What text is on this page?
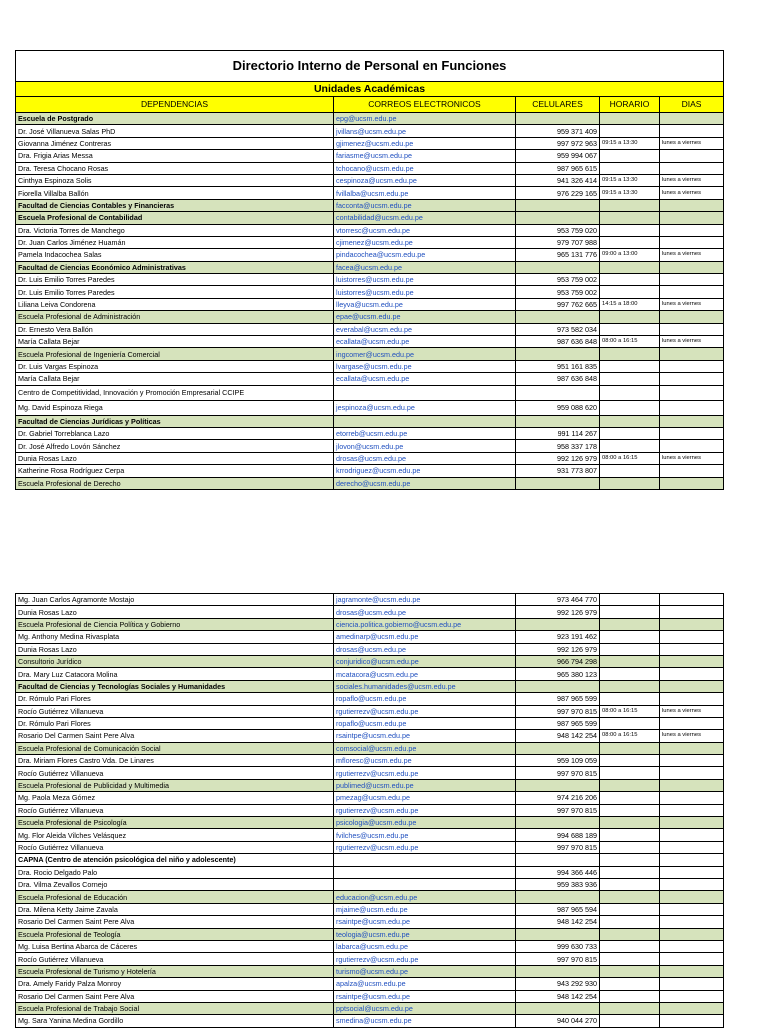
Directorio Interno de Personal en Funciones				
Unidades Académicas				
DEPENDENCIAS	CORREOS ELECTRONICOS	CELULARES	HORARIO	DIAS
Escuela de Postgrado	epg@ucsm.edu.pe			
Dr. José Villanueva Salas PhD	jvillans@ucsm.edu.pe	959 371 409		
Giovanna Jiménez Contreras	gjimenez@ucsm.edu.pe	997 972 963	09:15 a 13:30	lunes a viernes
Dra. Frigia Arias Messa	fariasme@ucsm.edu.pe	959 994 067		
Dra. Teresa Chocano Rosas	tchocano@ucsm.edu.pe	987 965 615		
Cinthya Espinoza Solis	cespinoza@ucsm.edu.pe	941 326 414	09:15 a 13:30	lunes a viernes
Fiorella Villalba Ballón	fvillalba@ucsm.edu.pe	976 229 165	09:15 a 13:30	lunes a viernes
Facultad de Ciencias Contables y Financieras	facconta@ucsm.edu.pe			
Escuela Profesional de Contabilidad	contabilidad@ucsm.edu.pe			
Dra. Victoria Torres de Manchego	vtorresc@ucsm.edu.pe	953 759 020		
Dr. Juan Carlos Jiménez Huamán	cjimenez@ucsm.edu.pe	979 707 988		
Pamela Indacochea Salas	pindacochea@ucsm.edu.pe	965 131 776	09:00 a 13:00	lunes a viernes
Facultad de Ciencias Económico Administrativas	facea@ucsm.edu.pe			
Dr. Luis Emilio Torres Paredes	luistorres@ucsm.edu.pe	953 759 002		
Dr. Luis Emilio Torres Paredes	luistorres@ucsm.edu.pe	953 759 002		
Liliana Leiva Condorena	lleyva@ucsm.edu.pe	997 762 665	14:15 a 18:00	lunes a viernes
Escuela Profesional de Administración	epae@ucsm.edu.pe			
Dr. Ernesto Vera Ballón	everabal@ucsm.edu.pe	973 582 034		
María Callata Bejar	ecallata@ucsm.edu.pe	987 636 848	08:00 a 16:15	lunes a viernes
Escuela Profesional de Ingeniería Comercial	ingcomer@ucsm.edu.pe			
Dr. Luis Vargas Espinoza	lvargase@ucsm.edu.pe	951 161 835		
María Callata Bejar	ecallata@ucsm.edu.pe	987 636 848		
Centro de Competitividad, Innovación y Promoción Empresarial CCIPE				
Mg. David Espinoza Riega	jespinoza@ucsm.edu.pe	959 088 620		
Facultad de Ciencias Jurídicas y Políticas				
Dr. Gabriel Torreblanca Lazo	etorreb@ucsm.edu.pe	991 114 267		
Dr. José Alfredo Lovón Sánchez	jlovon@ucsm.edu.pe	958 337 178		
Dunia Rosas Lazo	drosas@ucsm.edu.pe	992 126 979	08:00 a 16:15	lunes a viernes
Katherine Rosa Rodríguez Cerpa	krrodriguez@ucsm.edu.pe	931 773 807		
Escuela Profesional de Derecho	derecho@ucsm.edu.pe			
Mg. Juan Carlos Agramonte Mostajo	jagramonte@ucsm.edu.pe	973 464 770		
Dunia Rosas Lazo	drosas@ucsm.edu.pe	992 126 979		
Escuela Profesional de Ciencia Política y Gobierno	ciencia.politica.gobierno@ucsm.edu.pe			
Mg. Anthony Medina Rivasplata	amedinarp@ucsm.edu.pe	923 191 462		
Dunia Rosas Lazo	drosas@ucsm.edu.pe	992 126 979		
Consultorio Jurídico	conjuridico@ucsm.edu.pe	966 794 298		
Dra. Mary Luz Catacora Molina	mcatacora@ucsm.edu.pe	965 380 123		
Facultad de Ciencias y Tecnologías Sociales y Humanidades	sociales.humanidades@ucsm.edu.pe			
Dr. Rómulo Pari Flores	ropaflo@ucsm.edu.pe	987 965 599		
Rocío Gutiérrez Villanueva	rgutierrezv@ucsm.edu.pe	997 970 815	08:00 a 16:15	lunes a viernes
Dr. Rómulo Pari Flores	ropaflo@ucsm.edu.pe	987 965 599		
Rosario Del Carmen Saint Pere Alva	rsaintpe@ucsm.edu.pe	948 142 254	08:00 a 16:15	lunes a viernes
Escuela Profesional de Comunicación Social	comsocial@ucsm.edu.pe			
Dra. Miriam Flores Castro Vda. De Linares	mfloresc@ucsm.edu.pe	959 109 059		
Rocío Gutiérrez Villanueva	rgutierrezv@ucsm.edu.pe	997 970 815		
Escuela Profesional de Publicidad y Multimedia	publimed@ucsm.edu.pe			
Mg. Paola Meza Gómez	pmezag@ucsm.edu.pe	974 216 206		
Rocío Gutiérrez Villanueva	rgutierrezv@ucsm.edu.pe	997 970 815		
Escuela Profesional de Psicología	psicologia@ucsm.edu.pe			
Mg. Flor Aleida Vilches Velásquez	fvilches@ucsm.edu.pe	994 688 189		
Rocío Gutiérrez Villanueva	rgutierrezv@ucsm.edu.pe	997 970 815		
CAPNA (Centro de atención psicológica del niño y adolescente)				
Dra. Rocio Delgado Palo		994 366 446		
Dra. Vilma Zevallos Cornejo		959 383 936		
Escuela Profesional de Educación	educacion@ucsm.edu.pe			
Dra. Milena Ketty Jaime Zavala	mjaime@ucsm.edu.pe	987 965 594		
Rosario Del Carmen Saint Pere Alva	rsaintpe@ucsm.edu.pe	948 142 254		
Escuela Profesional de Teología	teologia@ucsm.edu.pe			
Mg. Luisa Bertina Abarca de Cáceres	labarca@ucsm.edu.pe	999 630 733		
Rocío Gutiérrez Villanueva	rgutierrezv@ucsm.edu.pe	997 970 815		
Escuela Profesional de Turismo y Hotelería	turismo@ucsm.edu.pe			
Dra. Amely Faridy Palza Monroy	apalza@ucsm.edu.pe	943 292 930		
Rosario Del Carmen Saint Pere Alva	rsaintpe@ucsm.edu.pe	948 142 254		
Escuela Profesional de Trabajo Social	pptsocial@ucsm.edu.pe			
Mg. Sara Yanina Medina Gordillo	smedina@ucsm.edu.pe	940 044 270		
